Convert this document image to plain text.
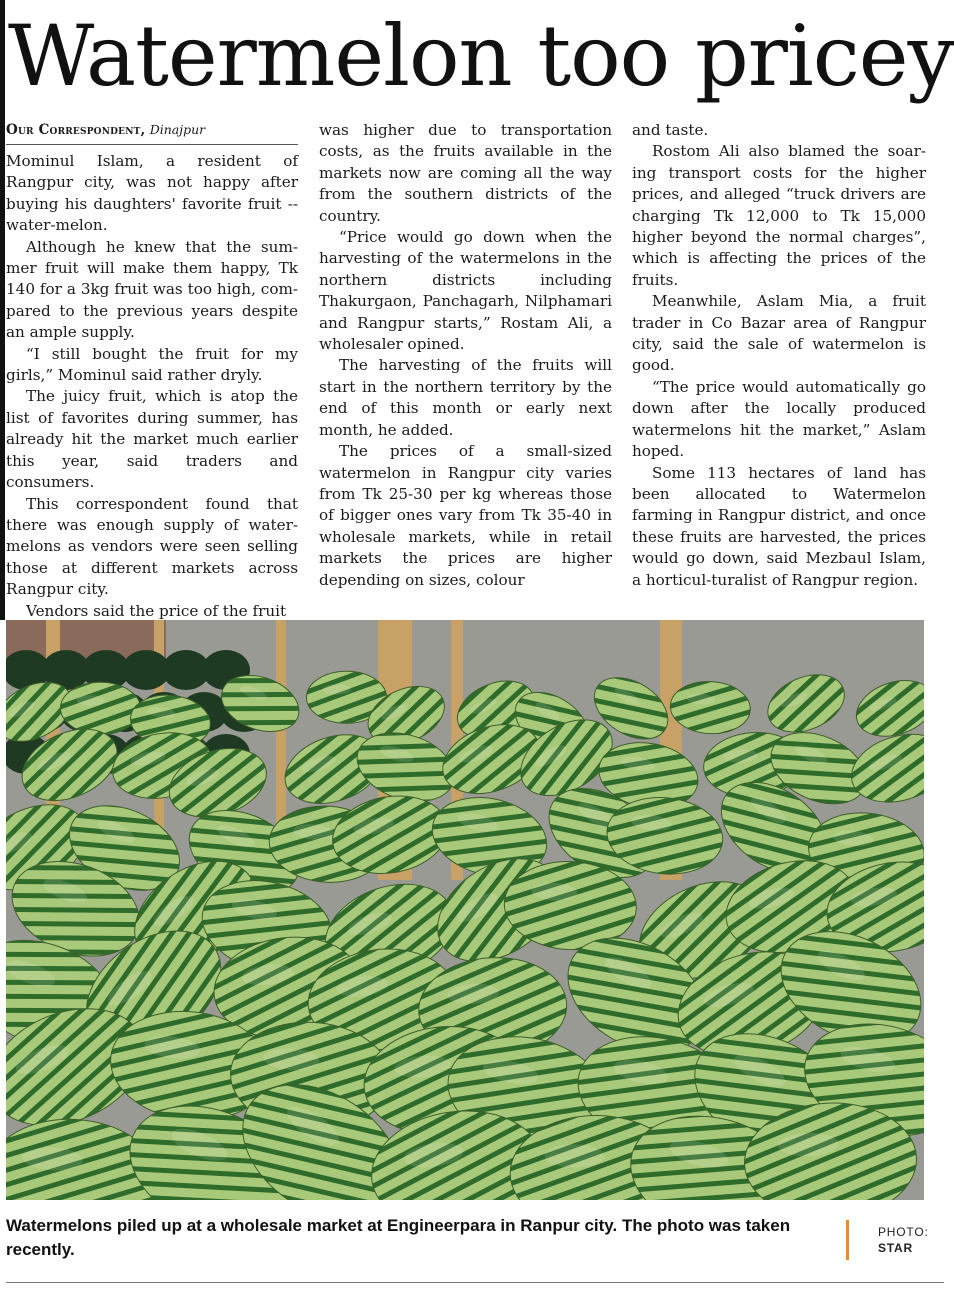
Watermelon too pricey
Our Correspondent, Dinajpur

Mominul Islam, a resident of Rangpur city, was not happy after buying his daughters' favorite fruit -- water-melon.

Although he knew that the sum-mer fruit will make them happy, Tk 140 for a 3kg fruit was too high, com-pared to the previous years despite an ample supply.

“I still bought the fruit for my girls,” Mominul said rather dryly.

The juicy fruit, which is atop the list of favorites during summer, has already hit the market much earlier this year, said traders and consumers.

This correspondent found that there was enough supply of water-melons as vendors were seen selling those at different markets across Rangpur city.

Vendors said the price of the fruit

was higher due to transportation costs, as the fruits available in the markets now are coming all the way from the southern districts of the country.

“Price would go down when the harvesting of the watermelons in the northern districts including Thakurgaon, Panchagarh, Nilphamari and Rangpur starts,” Rostam Ali, a wholesaler opined.

The harvesting of the fruits will start in the northern territory by the end of this month or early next month, he added.

The prices of a small-sized watermelon in Rangpur city varies from Tk 25-30 per kg whereas those of bigger ones vary from Tk 35-40 in wholesale markets, while in retail markets the prices are higher depending on sizes, colour

and taste.

Rostom Ali also blamed the soar-ing transport costs for the higher prices, and alleged “truck drivers are charging Tk 12,000 to Tk 15,000 higher beyond the normal charges”, which is affecting the prices of the fruits.

Meanwhile, Aslam Mia, a fruit trader in Co Bazar area of Rangpur city, said the sale of watermelon is good.

“The price would automatically go down after the locally produced watermelons hit the market,” Aslam hoped.

Some 113 hectares of land has been allocated to Watermelon farming in Rangpur district, and once these fruits are harvested, the prices would go down, said Mezbaul Islam, a horticul-turalist of Rangpur region.

Watermelons piled up at a wholesale market at Engineerpara in Ranpur city. The photo was taken recently.

PHOTO:
STAR
